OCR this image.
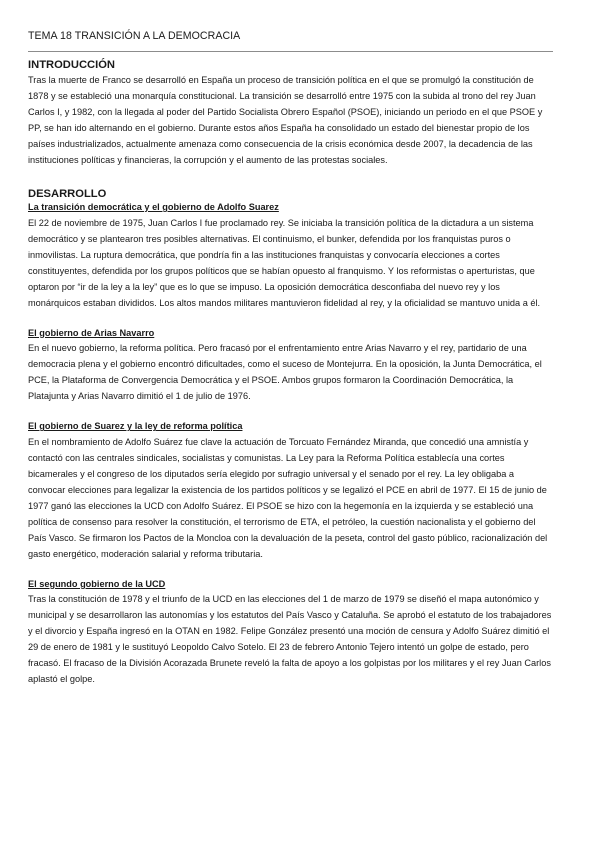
TEMA 18 TRANSICIÓN A LA DEMOCRACIA
INTRODUCCIÓN

Tras la muerte de Franco se desarrolló en España un proceso de transición política en el que se promulgó la constitución de 1878 y se estableció una monarquía constitucional. La transición se desarrolló entre 1975 con la subida al trono del rey Juan Carlos I, y 1982, con la llegada al poder del Partido Socialista Obrero Español (PSOE), iniciando un periodo en el que PSOE y PP, se han ido alternando en el gobierno. Durante estos años España ha consolidado un estado del bienestar propio de los países industrializados, actualmente amenaza como consecuencia de la crisis económica desde 2007, la decadencia de las instituciones políticas y financieras, la corrupción y el aumento de las protestas sociales.

DESARROLLO
La transición democrática y el gobierno de Adolfo Suarez

El 22 de noviembre de 1975, Juan Carlos I fue proclamado rey. Se iniciaba la transición política de la dictadura a un sistema democrático y se plantearon tres posibles alternativas. El continuismo, el bunker, defendida por los franquistas puros o inmovilistas. La ruptura democrática, que pondría fin a las instituciones franquistas y convocaría elecciones a cortes constituyentes, defendida por los grupos políticos que se habían opuesto al franquismo. Y los reformistas o aperturistas, que optaron por “ir de la ley a la ley” que es lo que se impuso. La oposición democrática desconfiaba del nuevo rey y los monárquicos estaban divididos. Los altos mandos militares mantuvieron fidelidad al rey, y la oficialidad se mantuvo unida a él.

El gobierno de Arias Navarro

En el nuevo gobierno, la reforma política. Pero fracasó por el enfrentamiento entre Arias Navarro y el rey, partidario de una democracia plena y el gobierno encontró dificultades, como el suceso de Montejurra. En la oposición, la Junta Democrática, el PCE, la Plataforma de Convergencia Democrática y el PSOE. Ambos grupos formaron la Coordinación Democrática, la Platajunta y Arias Navarro dimitió el 1 de julio de 1976.

El gobierno de Suarez y la ley de reforma política

En el nombramiento de Adolfo Suárez fue clave la actuación de Torcuato Fernández Miranda, que concedió una amnistía y contactó con las centrales sindicales, socialistas y comunistas. La Ley para la Reforma Política establecía una cortes bicamerales y el congreso de los diputados sería elegido por sufragio universal y el senado por el rey. La ley obligaba a convocar elecciones para legalizar la existencia de los partidos políticos y se legalizó el PCE en abril de 1977. El 15 de junio de 1977 ganó las elecciones la UCD con Adolfo Suárez. El PSOE se hizo con la hegemonía en la izquierda y se estableció una política de consenso para resolver la constitución, el terrorismo de ETA, el petróleo, la cuestión nacionalista y el gobierno del País Vasco. Se firmaron los Pactos de la Moncloa con la devaluación de la peseta, control del gasto público, racionalización del gasto energético, moderación salarial y reforma tributaria.

El segundo gobierno de la UCD

Tras la constitución de 1978 y el triunfo de la UCD en las elecciones del 1 de marzo de 1979 se diseñó el mapa autonómico y municipal y se desarrollaron las autonomías y los estatutos del País Vasco y Cataluña. Se aprobó el estatuto de los trabajadores y el divorcio y España ingresó en la OTAN en 1982. Felipe González presentó una moción de censura y Adolfo Suárez dimitió el 29 de enero de 1981 y le sustituyó Leopoldo Calvo Sotelo. El 23 de febrero Antonio Tejero intentó un golpe de estado, pero fracasó. El fracaso de la División Acorazada Brunete reveló la falta de apoyo a los golpistas por los militares y el rey Juan Carlos aplastó el golpe.
